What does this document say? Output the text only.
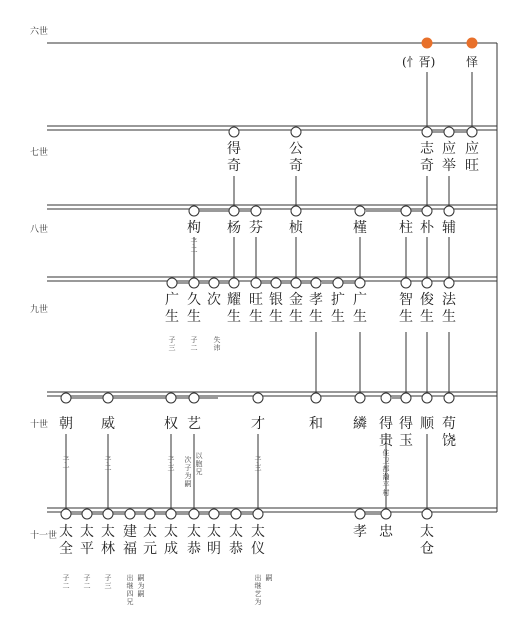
六世
七世
八世
九世
十世
十一世
(忄胥)	怿
得奇
公奇
志奇
应举
应旺
枸
子二
杨 芬 桢	槿 柱 朴 辅
广生
子三
久生
子二
次
失讳
耀生
旺生
银生
金生
孝生
扩生
广生
智生
俊生
法生
朝
子一
威
子二
权
子三
艺
次子为嗣
以胞兄
才
子三
和 繗 得贵
住卫都瀚平村
得玉
顺 苟饶
太全
子二
太平
子二
太林
子三
建福
出继四兄
嗣为嗣
太元
太成
太恭
太明
太恭
太仪
出继艺为
嗣
孝 忠 太仓
